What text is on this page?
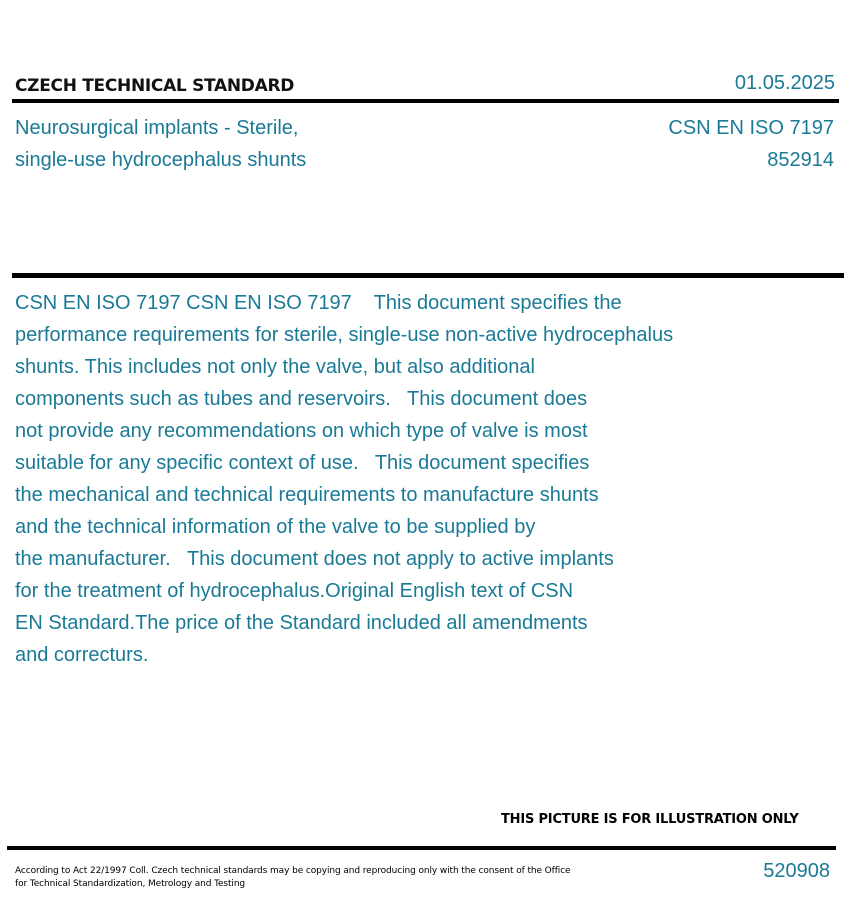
CZECH TECHNICAL STANDARD	01.05.2025
Neurosurgical implants - Sterile,
single-use hydrocephalus shunts
CSN EN ISO 7197
852914
CSN EN ISO 7197 CSN EN ISO 7197    This document specifies the
performance requirements for sterile, single-use non-active hydrocephalus
shunts. This includes not only the valve, but also additional
components such as tubes and reservoirs.   This document does
not provide any recommendations on which type of valve is most
suitable for any specific context of use.   This document specifies
the mechanical and technical requirements to manufacture shunts
and the technical information of the valve to be supplied by
the manufacturer.   This document does not apply to active implants
for the treatment of hydrocephalus.Original English text of CSN
EN Standard.The price of the Standard included all amendments
and correcturs.
THIS PICTURE IS FOR ILLUSTRATION ONLY
According to Act 22/1997 Coll. Czech technical standards may be copying and reproducing only with the consent of the Office
for Technical Standardization, Metrology and Testing
520908
